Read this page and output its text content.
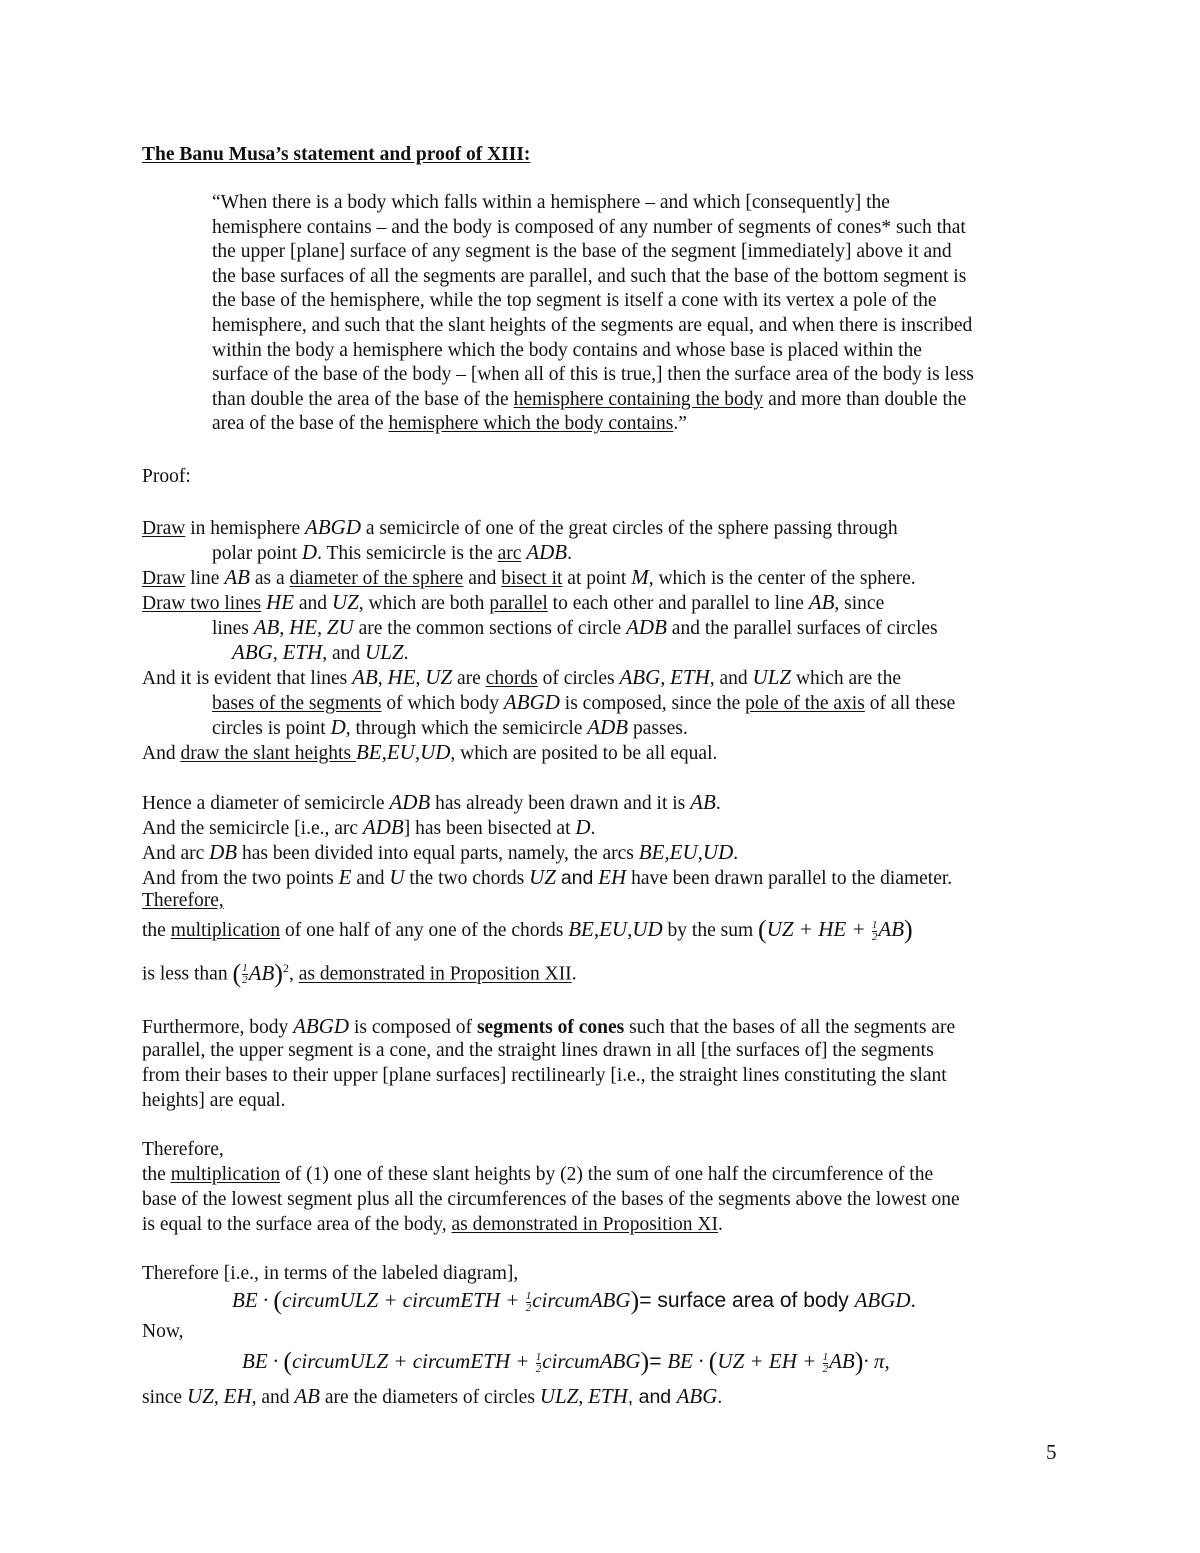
The Banu Musa’s statement and proof of XIII:
“When there is a body which falls within a hemisphere – and which [consequently] the
hemisphere contains – and the body is composed of any number of segments of cones* such that
the upper [plane] surface of any segment is the base of the segment [immediately] above it and
the base surfaces of all the segments are parallel, and such that the base of the bottom segment is
the base of the hemisphere, while the top segment is itself a cone with its vertex a pole of the
hemisphere, and such that the slant heights of the segments are equal, and when there is inscribed
within the body a hemisphere which the body contains and whose base is placed within the
surface of the base of the body – [when all of this is true,] then the surface area of the body is less
than double the area of the base of the hemisphere containing the body and more than double the
area of the base of the hemisphere which the body contains.”
Proof:
Draw in hemisphere ABGD a semicircle of one of the great circles of the sphere passing through
polar point D. This semicircle is the arc ADB.
Draw line AB as a diameter of the sphere and bisect it at point M, which is the center of the sphere.
Draw two lines HE and UZ, which are both parallel to each other and parallel to line AB, since
lines AB, HE, ZU are the common sections of circle ADB and the parallel surfaces of circles
ABG, ETH, and ULZ.
And it is evident that lines AB, HE, UZ are chords of circles ABG, ETH, and ULZ which are the
bases of the segments of which body ABGD is composed, since the pole of the axis of all these
circles is point D, through which the semicircle ADB passes.
And draw the slant heights BE,EU,UD, which are posited to be all equal.
Hence a diameter of semicircle ADB has already been drawn and it is AB.
And the semicircle [i.e., arc ADB] has been bisected at D.
And arc DB has been divided into equal parts, namely, the arcs BE,EU,UD.
And from the two points E and U the two chords UZ and EH have been drawn parallel to the diameter.
Therefore,
the multiplication of one half of any one of the chords BE,EU,UD by the sum (UZ + HE + $\frac{1}{2} AB$)
is less than ( $\frac{1}{2} AB)^2$, as demonstrated in Proposition XII.
Furthermore, body ABGD is composed of segments of cones such that the bases of all the segments are
parallel, the upper segment is a cone, and the straight lines drawn in all [the surfaces of] the segments
from their bases to their upper [plane surfaces] rectilinearly [i.e., the straight lines constituting the slant
heights] are equal.
Therefore,
the multiplication of (1) one of these slant heights by (2) the sum of one half the circumference of the
base of the lowest segment plus all the circumferences of the bases of the segments above the lowest one
is equal to the surface area of the body, as demonstrated in Proposition XI.
Therefore [i.e., in terms of the labeled diagram],
BE · (circumULZ + circumETH + $\frac{1}{2}$ circumABG)= surface area of body ABGD.
Now,
BE · (circumULZ + circumETH + $\frac{1}{2}$ circumABG)= BE · (UZ + EH + $\frac{1}{2} AB)\cdot \pi$,
since UZ, EH, and AB are the diameters of circles ULZ, ETH, and ABG.
5
